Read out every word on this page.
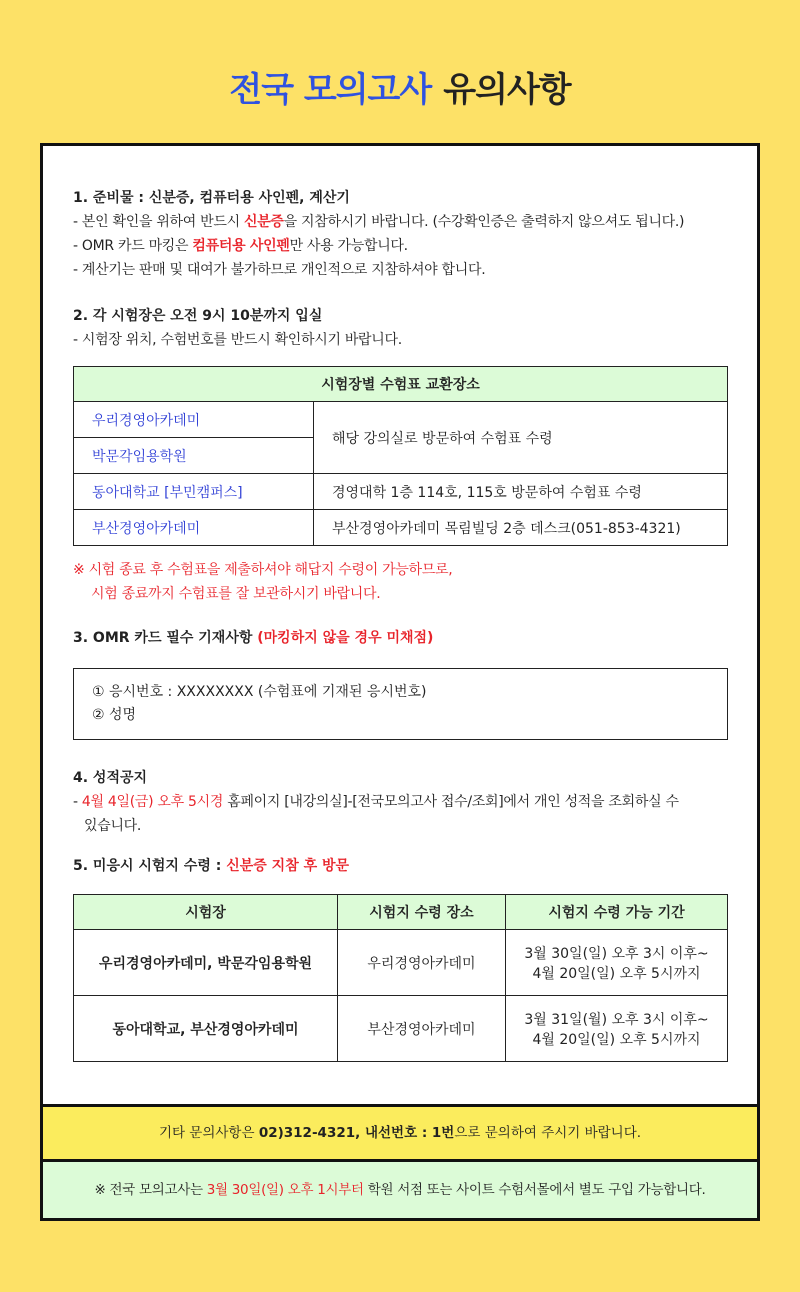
전국 모의고사 유의사항
1. 준비물 : 신분증, 컴퓨터용 사인펜, 계산기
- 본인 확인을 위하여 반드시 신분증을 지참하시기 바랍니다. (수강확인증은 출력하지 않으셔도 됩니다.)
- OMR 카드 마킹은 컴퓨터용 사인펜만 사용 가능합니다.
- 계산기는 판매 및 대여가 불가하므로 개인적으로 지참하셔야 합니다.
2. 각 시험장은 오전 9시 10분까지 입실
- 시험장 위치, 수험번호를 반드시 확인하시기 바랍니다.
시험장별 수험표 교환장소	
우리경영아카데미	해당 강의실로 방문하여 수험표 수령
박문각임용학원	
동아대학교 [부민캠퍼스]	경영대학 1층 114호, 115호 방문하여 수험표 수령
부산경영아카데미	부산경영아카데미 목림빌딩 2층 데스크(051-853-4321)
※ 시험 종료 후 수험표을 제출하셔야 해답지 수령이 가능하므로,
시험 종료까지 수험표를 잘 보관하시기 바랍니다.
3. OMR 카드 필수 기재사항 (마킹하지 않을 경우 미채점)
① 응시번호 : XXXXXXXX (수험표에 기재된 응시번호)
② 성명
4. 성적공지
- 4월 4일(금) 오후 5시경 홈페이지 [내강의실]-[전국모의고사 접수/조회]에서 개인 성적을 조회하실 수
있습니다.
5. 미응시 시험지 수령 : 신분증 지참 후 방문
시험장	시험지 수령 장소	시험지 수령 가능 기간
우리경영아카데미, 박문각임용학원	우리경영아카데미	3월 30일(일) 오후 3시 이후~
4월 20일(일) 오후 5시까지

동아대학교, 부산경영아카데미	부산경영아카데미	3월 31일(월) 오후 3시 이후~
4월 20일(일) 오후 5시까지
기타 문의사항은 02)312-4321, 내선번호 : 1번으로 문의하여 주시기 바랍니다.
※ 전국 모의고사는 3월 30일(일) 오후 1시부터 학원 서점 또는 사이트 수험서몰에서 별도 구입 가능합니다.
